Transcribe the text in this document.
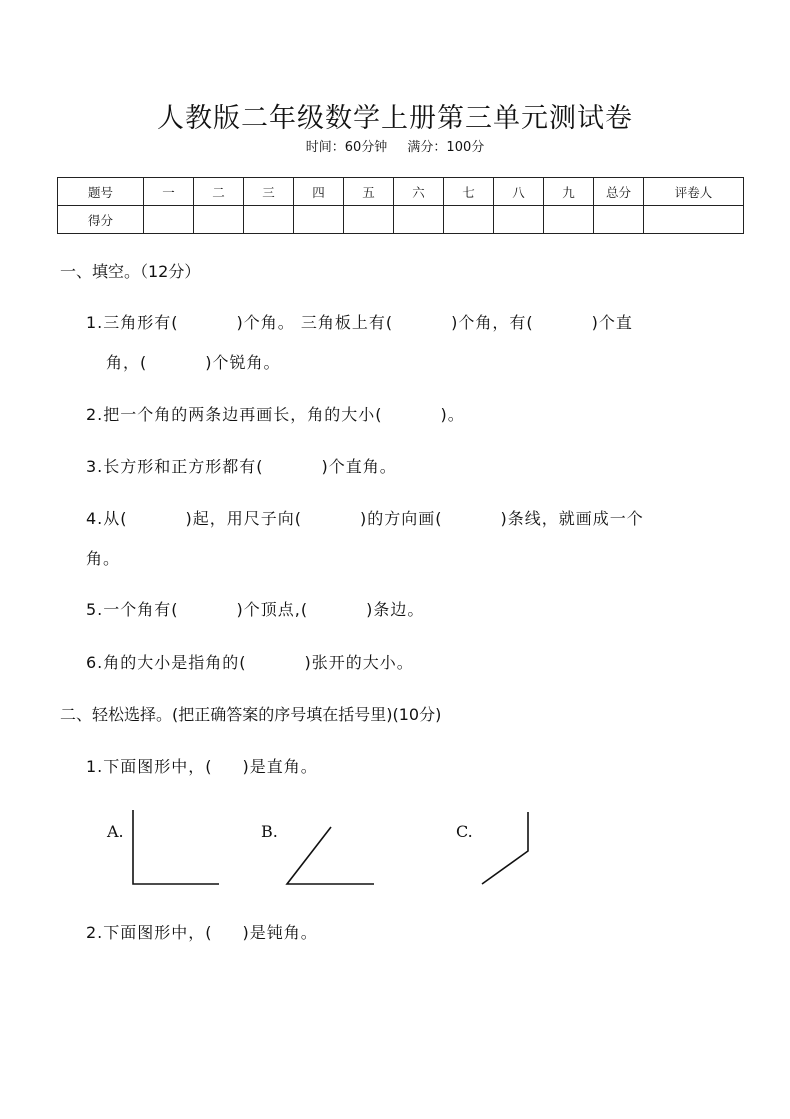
人教版二年级数学上册第三单元测试卷
时间：60分钟 满分：100分
题号	一	二	三	四	五	六	七	八	九	总分	评卷人
得分											
一、填空。（12分）
1.三角形有(	)个角。 三角板上有(	)个角，有(	)个直
角，(	)个锐角。
2.把一个角的两条边再画长，角的大小(	)。
3.长方形和正方形都有(	)个直角。
4.从(	)起，用尺子向(	)的方向画(	)条线，就画成一个
角。
5.一个角有(	)个顶点,(	)条边。
6.角的大小是指角的(	)张开的大小。
二、轻松选择。(把正确答案的序号填在括号里)(10分)
1.下面图形中，( )是直角。
A.	B.	C.
2.下面图形中，( )是钝角。
